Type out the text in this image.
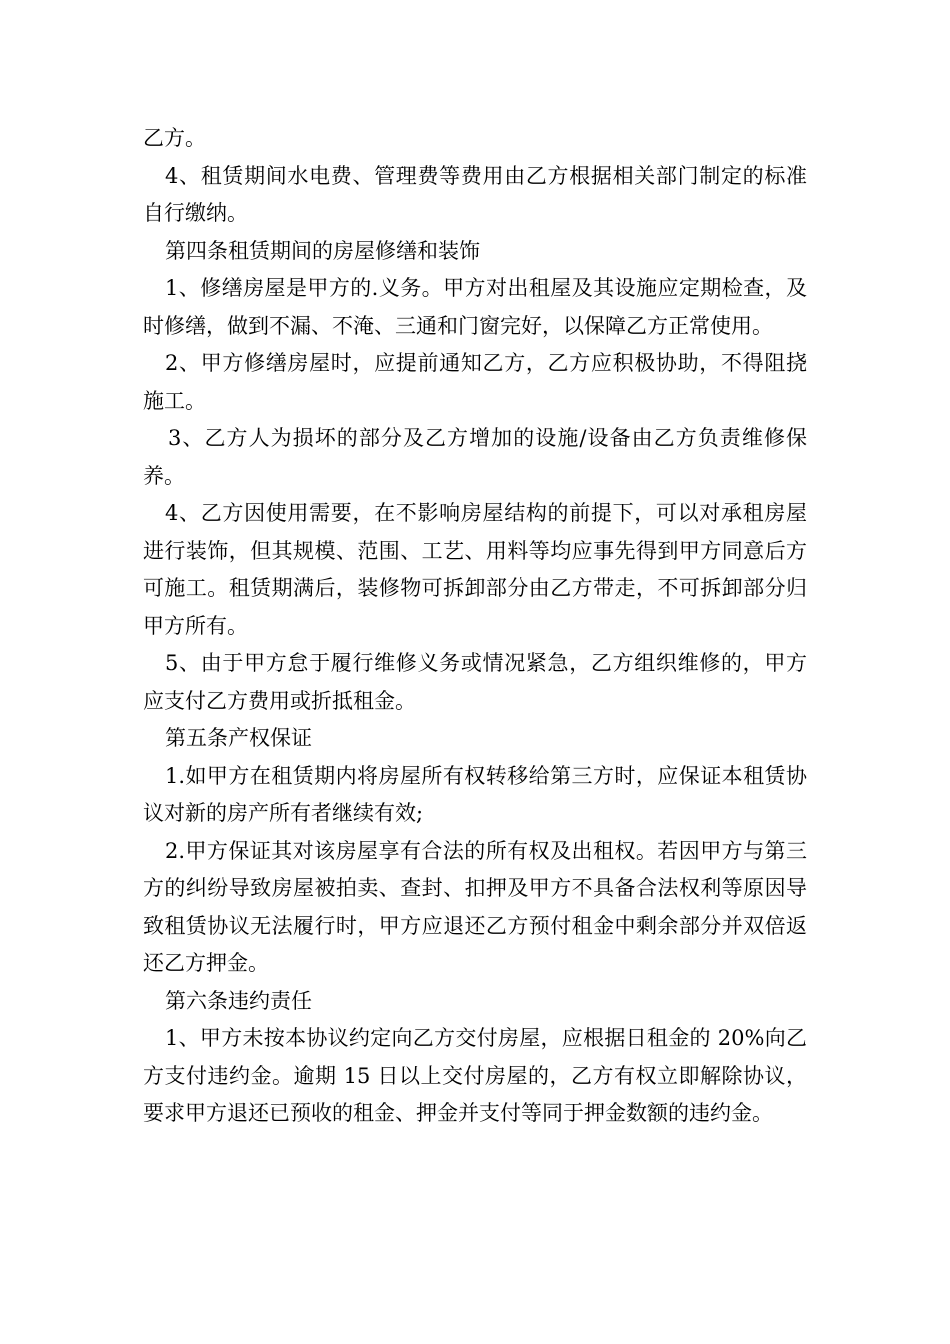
乙方。

4、租赁期间水电费、管理费等费用由乙方根据相关部门制定的标准自行缴纳。

第四条租赁期间的房屋修缮和装饰

1、修缮房屋是甲方的.义务。甲方对出租屋及其设施应定期检查，及时修缮，做到不漏、不淹、三通和门窗完好，以保障乙方正常使用。

2、甲方修缮房屋时，应提前通知乙方，乙方应积极协助，不得阻挠施工。

3、乙方人为损坏的部分及乙方增加的设施/设备由乙方负责维修保养。

4、乙方因使用需要，在不影响房屋结构的前提下，可以对承租房屋进行装饰，但其规模、范围、工艺、用料等均应事先得到甲方同意后方可施工。租赁期满后，装修物可拆卸部分由乙方带走，不可拆卸部分归甲方所有。

5、由于甲方怠于履行维修义务或情况紧急，乙方组织维修的，甲方应支付乙方费用或折抵租金。

第五条产权保证

1.如甲方在租赁期内将房屋所有权转移给第三方时，应保证本租赁协议对新的房产所有者继续有效;

2.甲方保证其对该房屋享有合法的所有权及出租权。若因甲方与第三方的纠纷导致房屋被拍卖、查封、扣押及甲方不具备合法权利等原因导致租赁协议无法履行时，甲方应退还乙方预付租金中剩余部分并双倍返还乙方押金。

第六条违约责任

1、甲方未按本协议约定向乙方交付房屋，应根据日租金的 20%向乙方支付违约金。逾期 15 日以上交付房屋的，乙方有权立即解除协议，要求甲方退还已预收的租金、押金并支付等同于押金数额的违约金。
